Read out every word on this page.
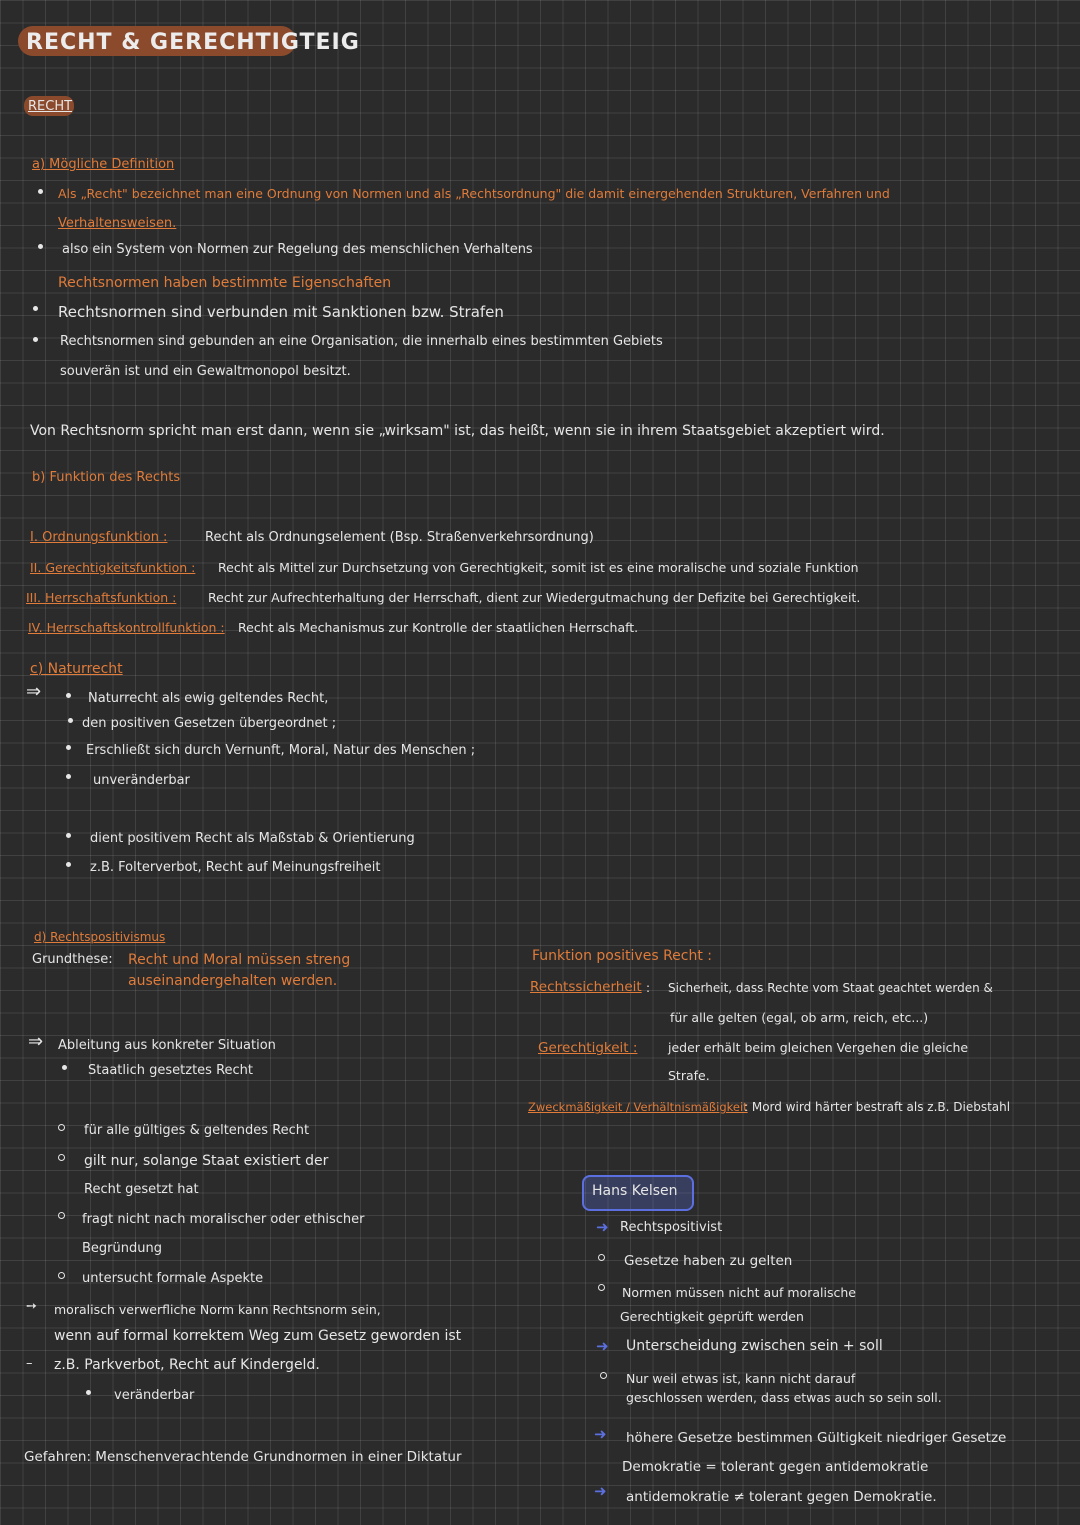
RECHT & GERECHTIGTEIG
RECHT
a) Mögliche Definition
Als „Recht" bezeichnet man eine Ordnung von Normen und als „Rechtsordnung" die damit einergehenden Strukturen, Verfahren und
Verhaltensweisen.
also ein System von Normen zur Regelung des menschlichen Verhaltens
Rechtsnormen haben bestimmte Eigenschaften
Rechtsnormen sind verbunden mit Sanktionen bzw. Strafen
Rechtsnormen sind gebunden an eine Organisation, die innerhalb eines bestimmten Gebiets
souverän ist und ein Gewaltmonopol besitzt.
Von Rechtsnorm spricht man erst dann, wenn sie „wirksam" ist, das heißt, wenn sie in ihrem Staatsgebiet akzeptiert wird.
b) Funktion des Rechts
I. Ordnungsfunktion :	Recht als Ordnungselement (Bsp. Straßenverkehrsordnung)
II. Gerechtigkeitsfunktion : Recht als Mittel zur Durchsetzung von Gerechtigkeit, somit ist es eine moralische und soziale Funktion
III. Herrschaftsfunktion :	Recht zur Aufrechterhaltung der Herrschaft, dient zur Wiedergutmachung der Defizite bei Gerechtigkeit.
IV. Herrschaftskontrollfunktion : Recht als Mechanismus zur Kontrolle der staatlichen Herrschaft.
c) Naturrecht
⇒	Naturrecht als ewig geltendes Recht,
den positiven Gesetzen übergeordnet ;
Erschließt sich durch Vernunft, Moral, Natur des Menschen ;
unveränderbar
dient positivem Recht als Maßstab & Orientierung
z.B. Folterverbot, Recht auf Meinungsfreiheit
d) Rechtspositivismus
Grundthese: Recht und Moral müssen streng
auseinandergehalten werden.
⇒ Ableitung aus konkreter Situation
Staatlich gesetztes Recht
für alle gültiges & geltendes Recht
gilt nur, solange Staat existiert der
Recht gesetzt hat
fragt nicht nach moralischer oder ethischer
Begründung
untersucht formale Aspekte
➙ moralisch verwerfliche Norm kann Rechtsnorm sein,
wenn auf formal korrektem Weg zum Gesetz geworden ist
– z.B. Parkverbot, Recht auf Kindergeld.
veränderbar
Gefahren: Menschenverachtende Grundnormen in einer Diktatur
Funktion positives Recht :
Rechtssicherheit : Sicherheit, dass Rechte vom Staat geachtet werden &
für alle gelten (egal, ob arm, reich, etc...)
Gerechtigkeit : jeder erhält beim gleichen Vergehen die gleiche
Strafe.
Zweckmäßigkeit / Verhältnismäßigkeit
: Mord wird härter bestraft als z.B. Diebstahl
Hans Kelsen
➜ Rechtspositivist
Gesetze haben zu gelten
Normen müssen nicht auf moralische
Gerechtigkeit geprüft werden
➜ Unterscheidung zwischen sein + soll
Nur weil etwas ist, kann nicht darauf
geschlossen werden, dass etwas auch so sein soll.
➜ höhere Gesetze bestimmen Gültigkeit niedriger Gesetze
Demokratie = tolerant gegen antidemokratie
➜ antidemokratie ≠ tolerant gegen Demokratie.
